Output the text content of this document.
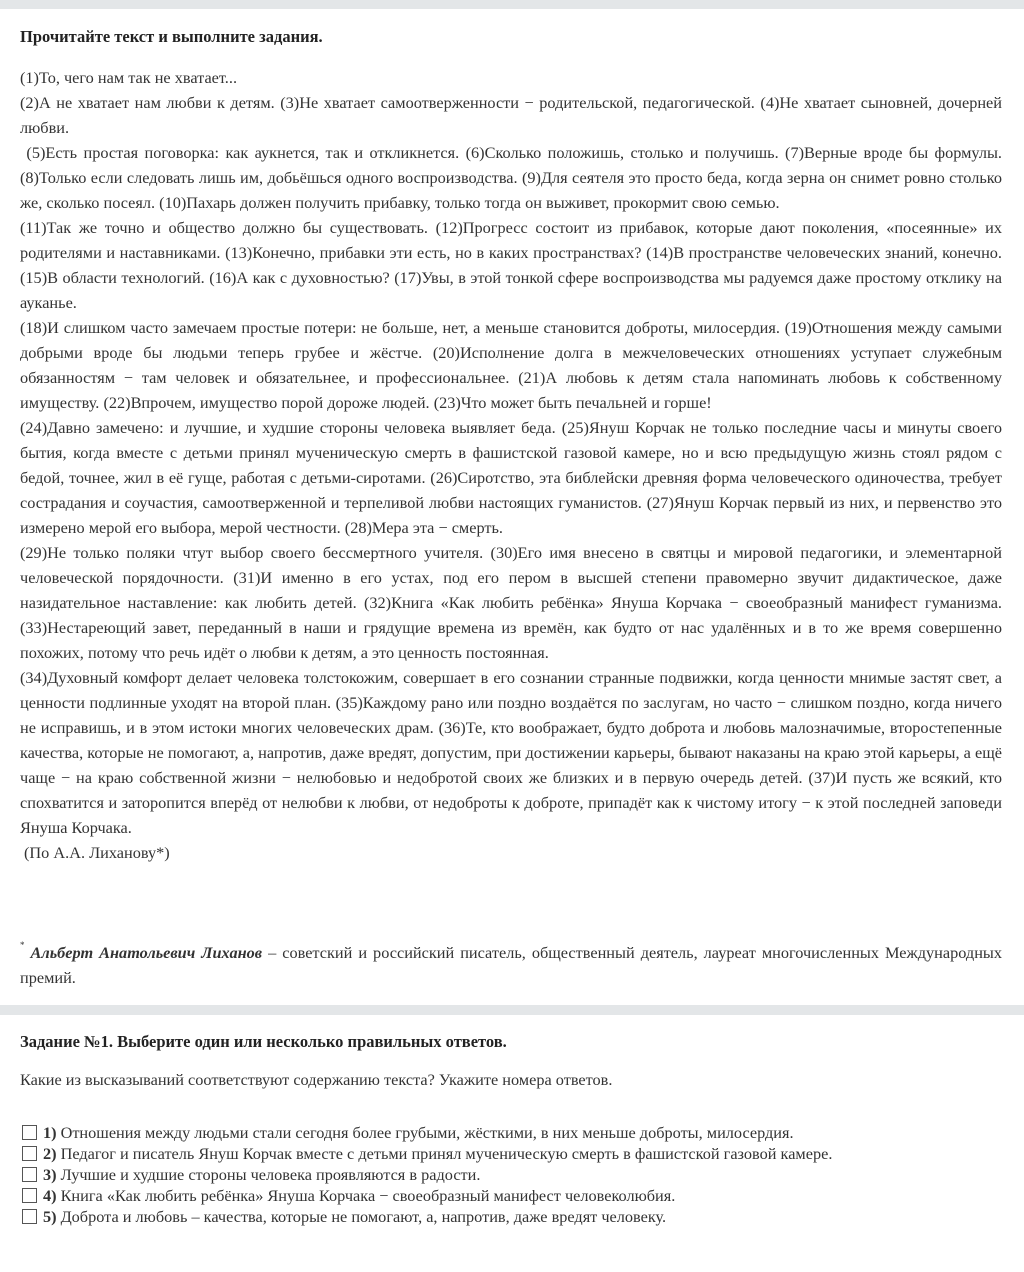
Прочитайте текст и выполните задания.

(1)То, чего нам так не хватает...

(2)А не хватает нам любви к детям. (3)Не хватает самоотверженности − родительской, педагогической. (4)Не хватает сыновней, дочерней любви.

(5)Есть простая поговорка: как аукнется, так и откликнется. (6)Сколько положишь, столько и получишь. (7)Верные вроде бы формулы. (8)Только если следовать лишь им, добьёшься одного воспроизводства. (9)Для сеятеля это просто беда, когда зерна он снимет ровно столько же, сколько посеял. (10)Пахарь должен получить прибавку, только тогда он выживет, прокормит свою семью.

(11)Так же точно и общество должно бы существовать. (12)Прогресс состоит из прибавок, которые дают поколения, «посеянные» их родителями и наставниками. (13)Конечно, прибавки эти есть, но в каких пространствах? (14)В пространстве человеческих знаний, конечно. (15)В области технологий. (16)А как с духовностью? (17)Увы, в этой тонкой сфере воспроизводства мы радуемся даже простому отклику на ауканье.

(18)И слишком часто замечаем простые потери: не больше, нет, а меньше становится доброты, милосердия. (19)Отношения между самыми добрыми вроде бы людьми теперь грубее и жёстче. (20)Исполнение долга в межчеловеческих отношениях уступает служебным обязанностям − там человек и обязательнее, и профессиональнее. (21)А любовь к детям стала напоминать любовь к собственному имуществу. (22)Впрочем, имущество порой дороже людей. (23)Что может быть печальней и горше!

(24)Давно замечено: и лучшие, и худшие стороны человека выявляет беда. (25)Януш Корчак не только последние часы и минуты своего бытия, когда вместе с детьми принял мученическую смерть в фашистской газовой камере, но и всю предыдущую жизнь стоял рядом с бедой, точнее, жил в её гуще, работая с детьми-сиротами. (26)Сиротство, эта библейски древняя форма человеческого одиночества, требует сострадания и соучастия, самоотверженной и терпеливой любви настоящих гуманистов. (27)Януш Корчак первый из них, и первенство это измерено мерой его выбора, мерой честности. (28)Мера эта − смерть.

(29)Не только поляки чтут выбор своего бессмертного учителя. (30)Его имя внесено в святцы и мировой педагогики, и элементарной человеческой порядочности. (31)И именно в его устах, под его пером в высшей степени правомерно звучит дидактическое, даже назидательное наставление: как любить детей. (32)Книга «Как любить ребёнка» Януша Корчака − своеобразный манифест гуманизма. (33)Нестареющий завет, переданный в наши и грядущие времена из времён, как будто от нас удалённых и в то же время совершенно похожих, потому что речь идёт о любви к детям, а это ценность постоянная.

(34)Духовный комфорт делает человека толстокожим, совершает в его сознании странные подвижки, когда ценности мнимые застят свет, а ценности подлинные уходят на второй план. (35)Каждому рано или поздно воздаётся по заслугам, но часто − слишком поздно, когда ничего не исправишь, и в этом истоки многих человеческих драм. (36)Те, кто воображает, будто доброта и любовь малозначимые, второстепенные качества, которые не помогают, а, напротив, даже вредят, допустим, при достижении карьеры, бывают наказаны на краю этой карьеры, а ещё чаще − на краю собственной жизни − нелюбовью и недобротой своих же близких и в первую очередь детей. (37)И пусть же всякий, кто спохватится и заторопится вперёд от нелюбви к любви, от недоброты к доброте, припадёт как к чистому итогу − к этой последней заповеди Януша Корчака.

(По А.А. Лиханову*)

* Альберт Анатольевич Лиханов – советский и российский писатель, общественный деятель, лауреат многочисленных Международных премий.
Задание №1. Выберите один или несколько правильных ответов.
Какие из высказываний соответствуют содержанию текста? Укажите номера ответов.
1) Отношения между людьми стали сегодня более грубыми, жёсткими, в них меньше доброты, милосердия.
2) Педагог и писатель Януш Корчак вместе с детьми принял мученическую смерть в фашистской газовой камере.
3) Лучшие и худшие стороны человека проявляются в радости.
4) Книга «Как любить ребёнка» Януша Корчака − своеобразный манифест человеколюбия.
5) Доброта и любовь – качества, которые не помогают, а, напротив, даже вредят человеку.
